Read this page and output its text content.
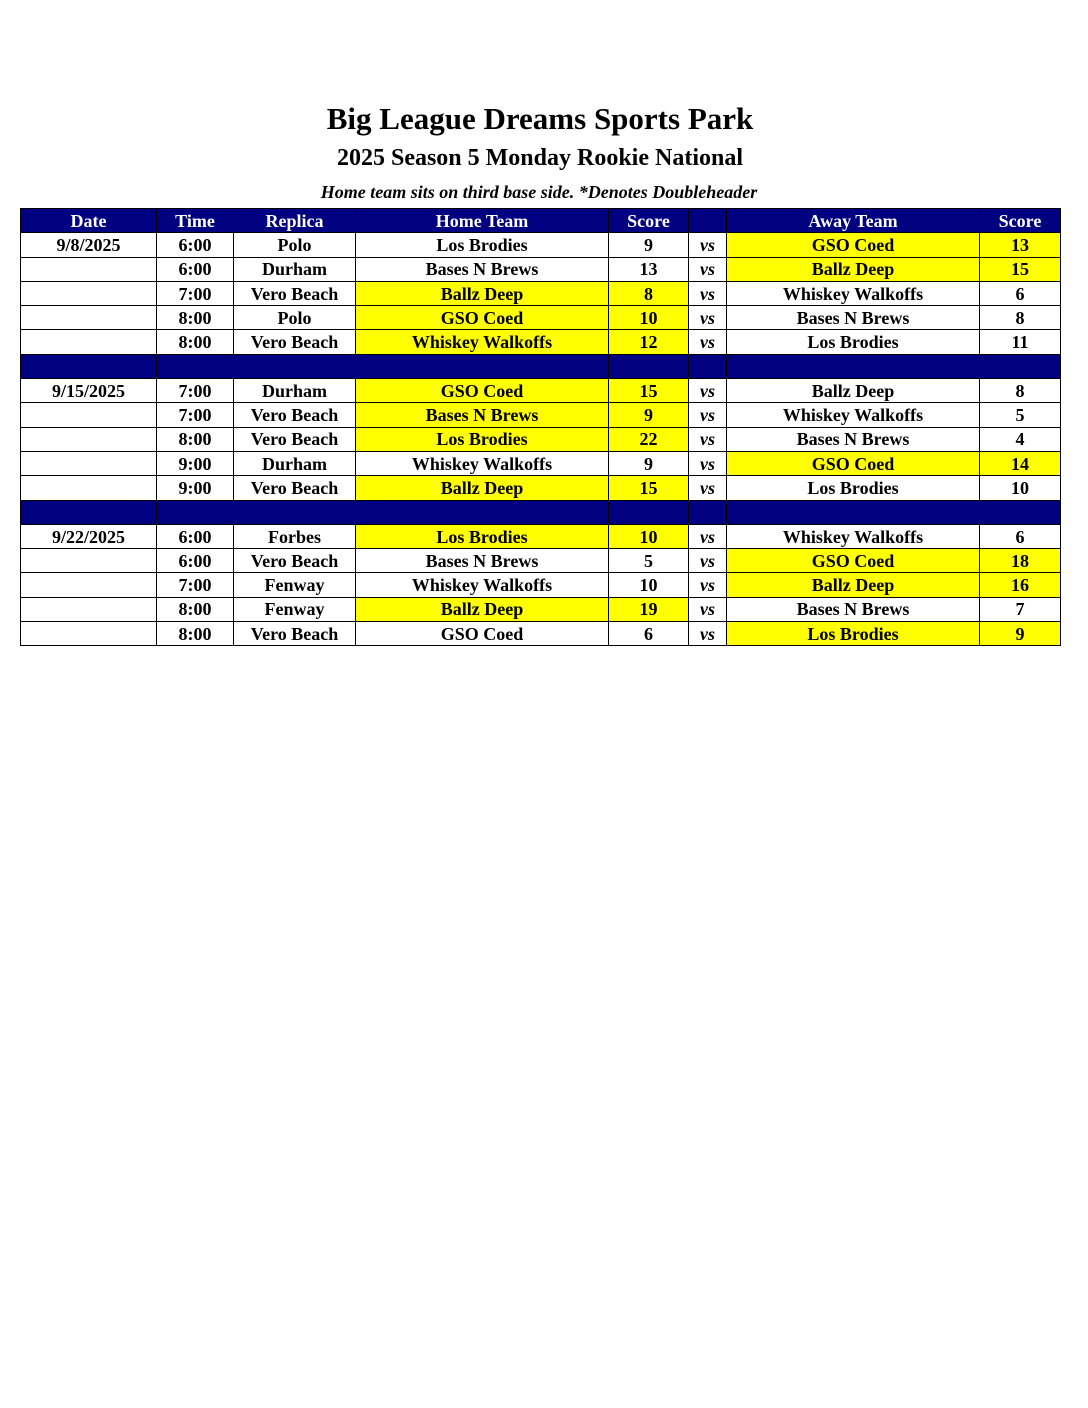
Big League Dreams Sports Park
2025 Season 5 Monday Rookie National
Home team sits on third base side. *Denotes Doubleheader
Date	Time	Replica	Home Team	Score		Away Team	Score
9/8/2025	6:00	Polo	Los Brodies	9	vs	GSO Coed	13
	6:00	Durham	Bases N Brews	13	vs	Ballz Deep	15
	7:00	Vero Beach	Ballz Deep	8	vs	Whiskey Walkoffs	6
	8:00	Polo	GSO Coed	10	vs	Bases N Brews	8
	8:00	Vero Beach	Whiskey Walkoffs	12	vs	Los Brodies	11

9/15/2025	7:00	Durham	GSO Coed	15	vs	Ballz Deep	8
	7:00	Vero Beach	Bases N Brews	9	vs	Whiskey Walkoffs	5
	8:00	Vero Beach	Los Brodies	22	vs	Bases N Brews	4
	9:00	Durham	Whiskey Walkoffs	9	vs	GSO Coed	14
	9:00	Vero Beach	Ballz Deep	15	vs	Los Brodies	10

9/22/2025	6:00	Forbes	Los Brodies	10	vs	Whiskey Walkoffs	6
	6:00	Vero Beach	Bases N Brews	5	vs	GSO Coed	18
	7:00	Fenway	Whiskey Walkoffs	10	vs	Ballz Deep	16
	8:00	Fenway	Ballz Deep	19	vs	Bases N Brews	7
	8:00	Vero Beach	GSO Coed	6	vs	Los Brodies	9
